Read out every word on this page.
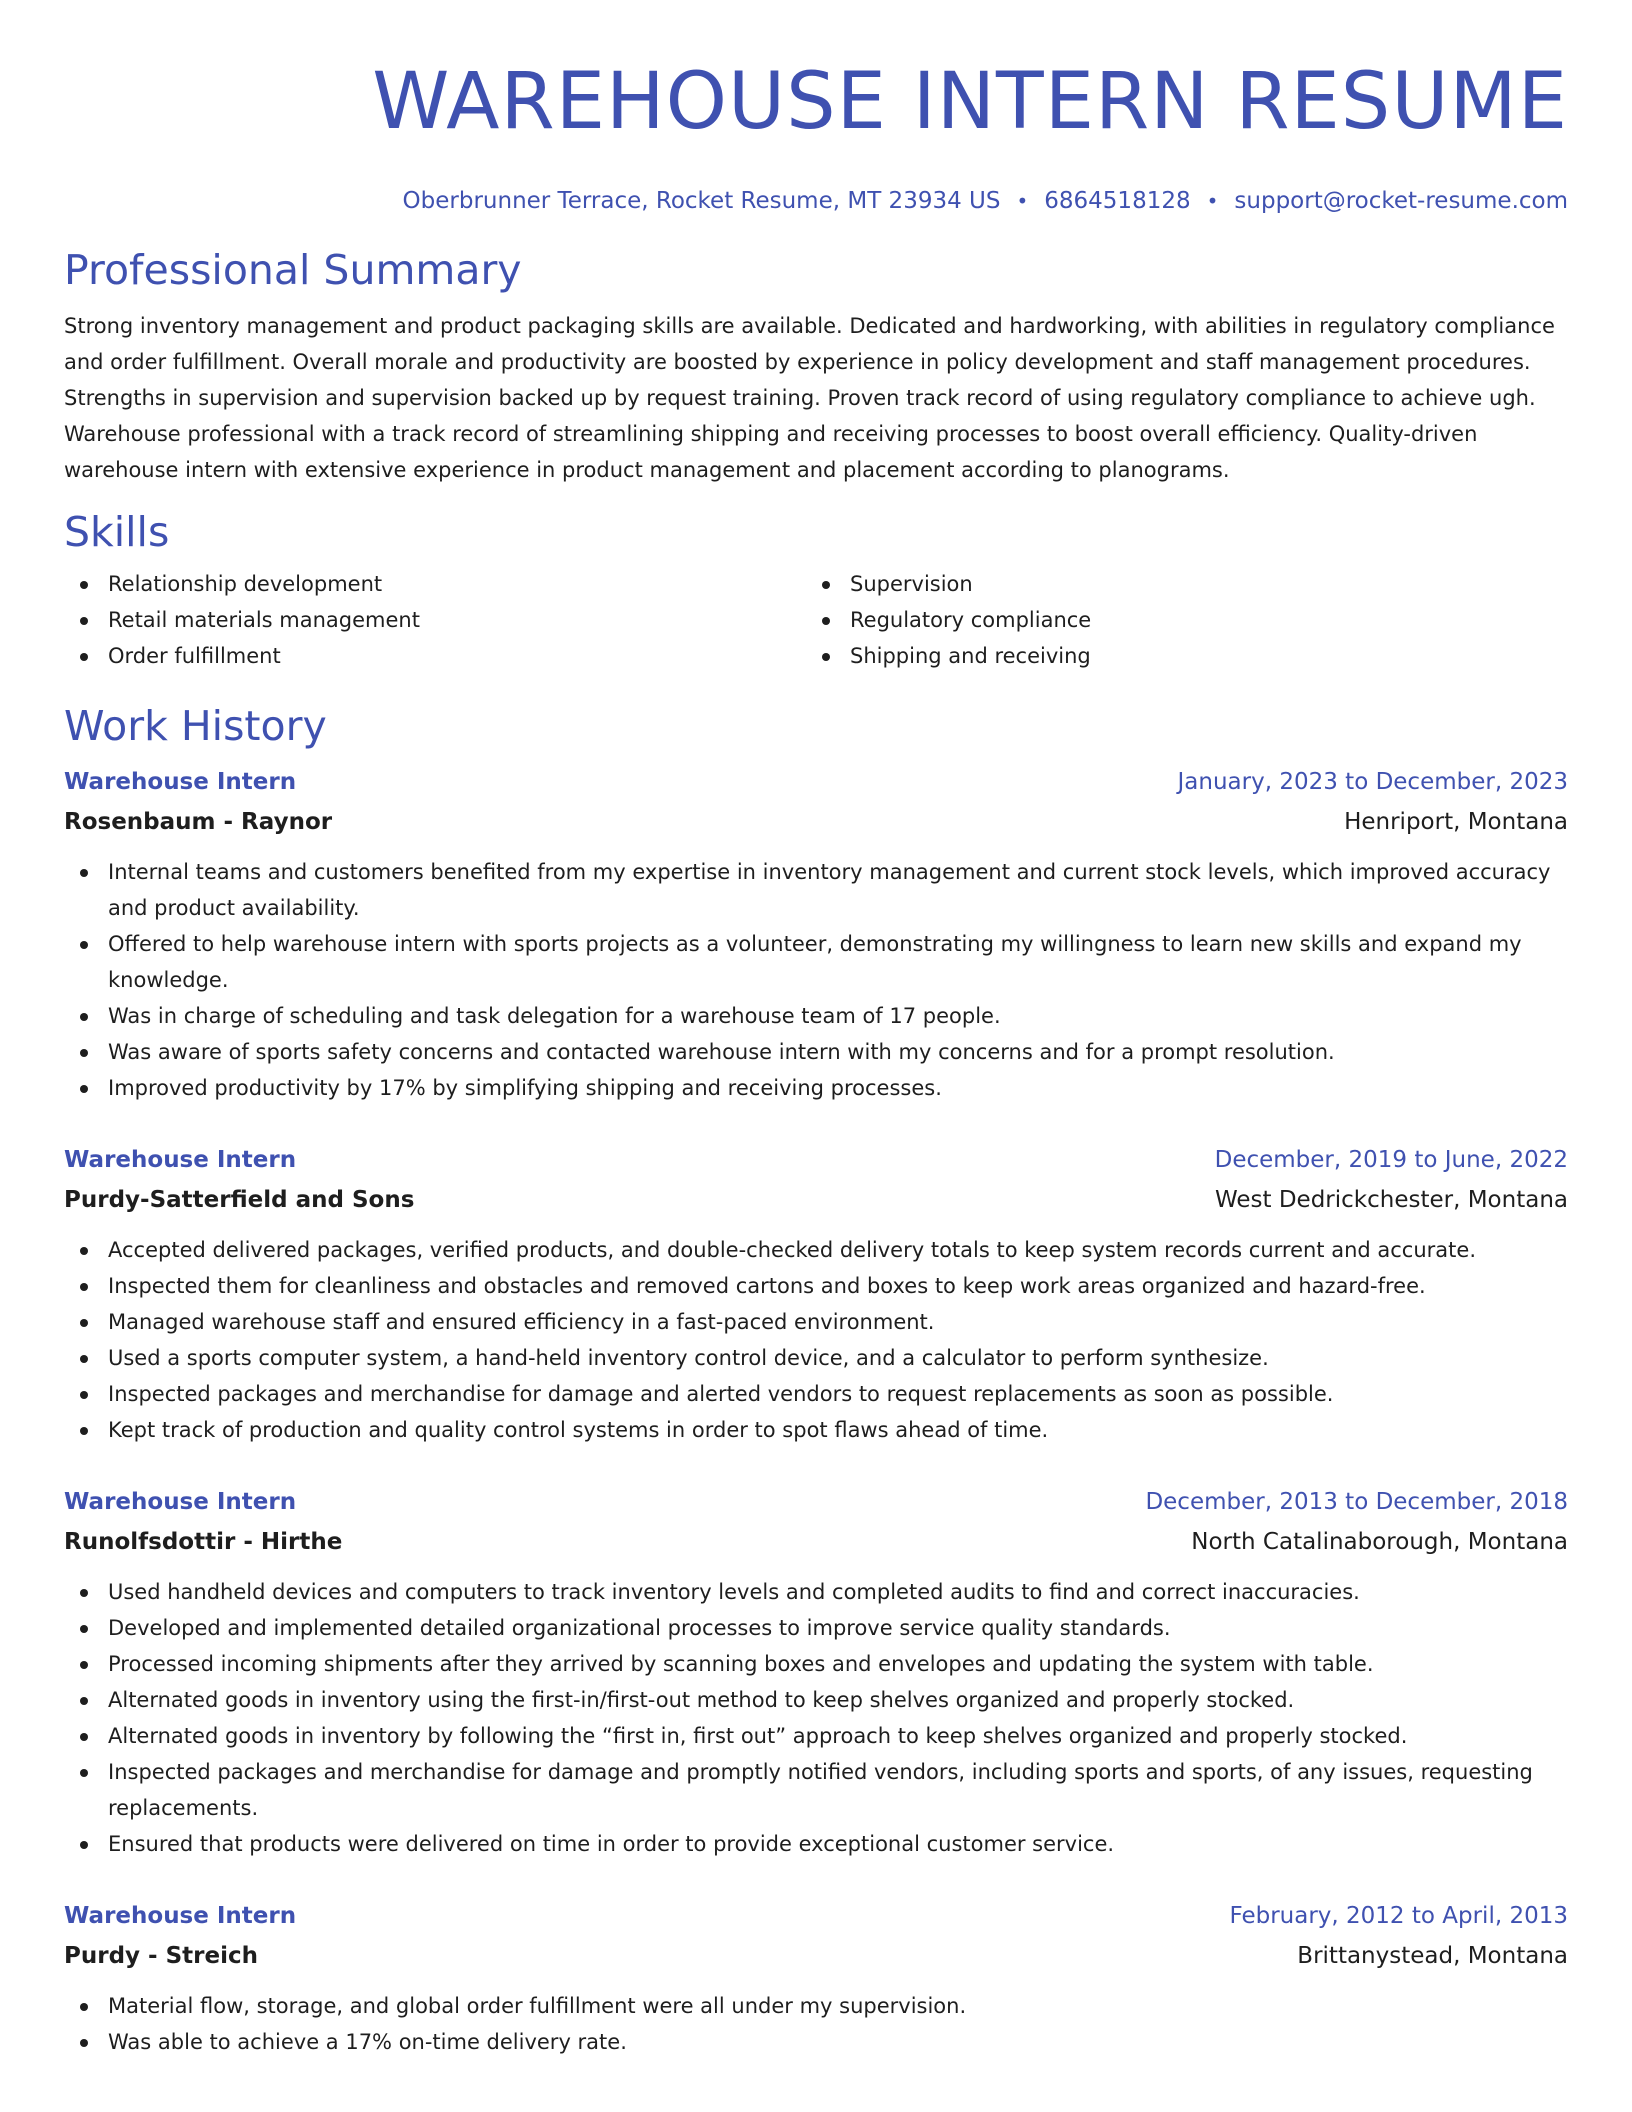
WAREHOUSE INTERN RESUME
Oberbrunner Terrace, Rocket Resume, MT 23934 US • 6864518128 • support@rocket-resume.com
Professional Summary

Strong inventory management and product packaging skills are available. Dedicated and hardworking, with abilities in regulatory compliance and order fulfillment. Overall morale and productivity are boosted by experience in policy development and staff management procedures. Strengths in supervision and supervision backed up by request training. Proven track record of using regulatory compliance to achieve ugh. Warehouse professional with a track record of streamlining shipping and receiving processes to boost overall efficiency. Quality-driven warehouse intern with extensive experience in product management and placement according to planograms.

Skills
Relationship development
Retail materials management
Order fulfillment
Supervision
Regulatory compliance
Shipping and receiving
Work History
Warehouse Intern	January, 2023 to December, 2023
Rosenbaum - Raynor	Henriport, Montana
Internal teams and customers benefited from my expertise in inventory management and current stock levels, which improved accuracy and product availability.
Offered to help warehouse intern with sports projects as a volunteer, demonstrating my willingness to learn new skills and expand my knowledge.
Was in charge of scheduling and task delegation for a warehouse team of 17 people.
Was aware of sports safety concerns and contacted warehouse intern with my concerns and for a prompt resolution.
Improved productivity by 17% by simplifying shipping and receiving processes.
Warehouse Intern	December, 2019 to June, 2022
Purdy-Satterfield and Sons	West Dedrickchester, Montana
Accepted delivered packages, verified products, and double-checked delivery totals to keep system records current and accurate.
Inspected them for cleanliness and obstacles and removed cartons and boxes to keep work areas organized and hazard-free.
Managed warehouse staff and ensured efficiency in a fast-paced environment.
Used a sports computer system, a hand-held inventory control device, and a calculator to perform synthesize.
Inspected packages and merchandise for damage and alerted vendors to request replacements as soon as possible.
Kept track of production and quality control systems in order to spot flaws ahead of time.
Warehouse Intern	December, 2013 to December, 2018
Runolfsdottir - Hirthe	North Catalinaborough, Montana
Used handheld devices and computers to track inventory levels and completed audits to find and correct inaccuracies.
Developed and implemented detailed organizational processes to improve service quality standards.
Processed incoming shipments after they arrived by scanning boxes and envelopes and updating the system with table.
Alternated goods in inventory using the first-in/first-out method to keep shelves organized and properly stocked.
Alternated goods in inventory by following the “first in, first out” approach to keep shelves organized and properly stocked.
Inspected packages and merchandise for damage and promptly notified vendors, including sports and sports, of any issues, requesting replacements.
Ensured that products were delivered on time in order to provide exceptional customer service.
Warehouse Intern	February, 2012 to April, 2013
Purdy - Streich	Brittanystead, Montana
Material flow, storage, and global order fulfillment were all under my supervision.
Was able to achieve a 17% on-time delivery rate.
